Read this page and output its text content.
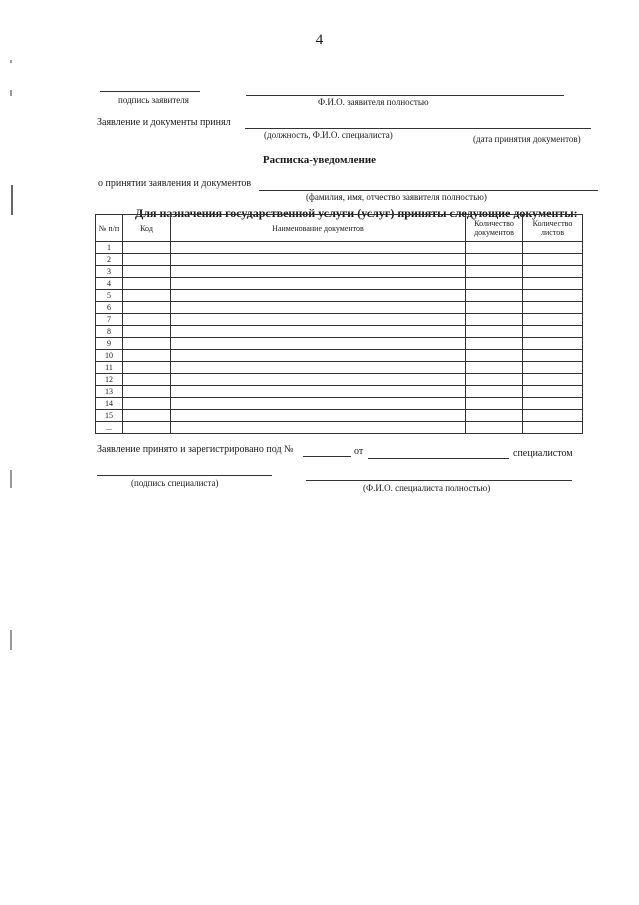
4
подпись заявителя	Ф.И.О. заявителя полностью
Заявление и документы принял
(должность, Ф.И.О. специалиста)	(дата принятия документов)
Расписка-уведомление
о принятии заявления и документов
(фамилия, имя, отчество заявителя полностью)
Для назначения государственной услуги (услуг) приняты следующие документы:
№ п/п	Код	Наименование документов	Количество документов	Количество листов
1				
2				
3				
4				
5				
6				
7				
8				
9				
10				
11				
12				
13				
14				
15				
...				
Заявление принято и зарегистрировано под №	от	специалистом
(подпись специалиста)	(Ф.И.О. специалиста полностью)
